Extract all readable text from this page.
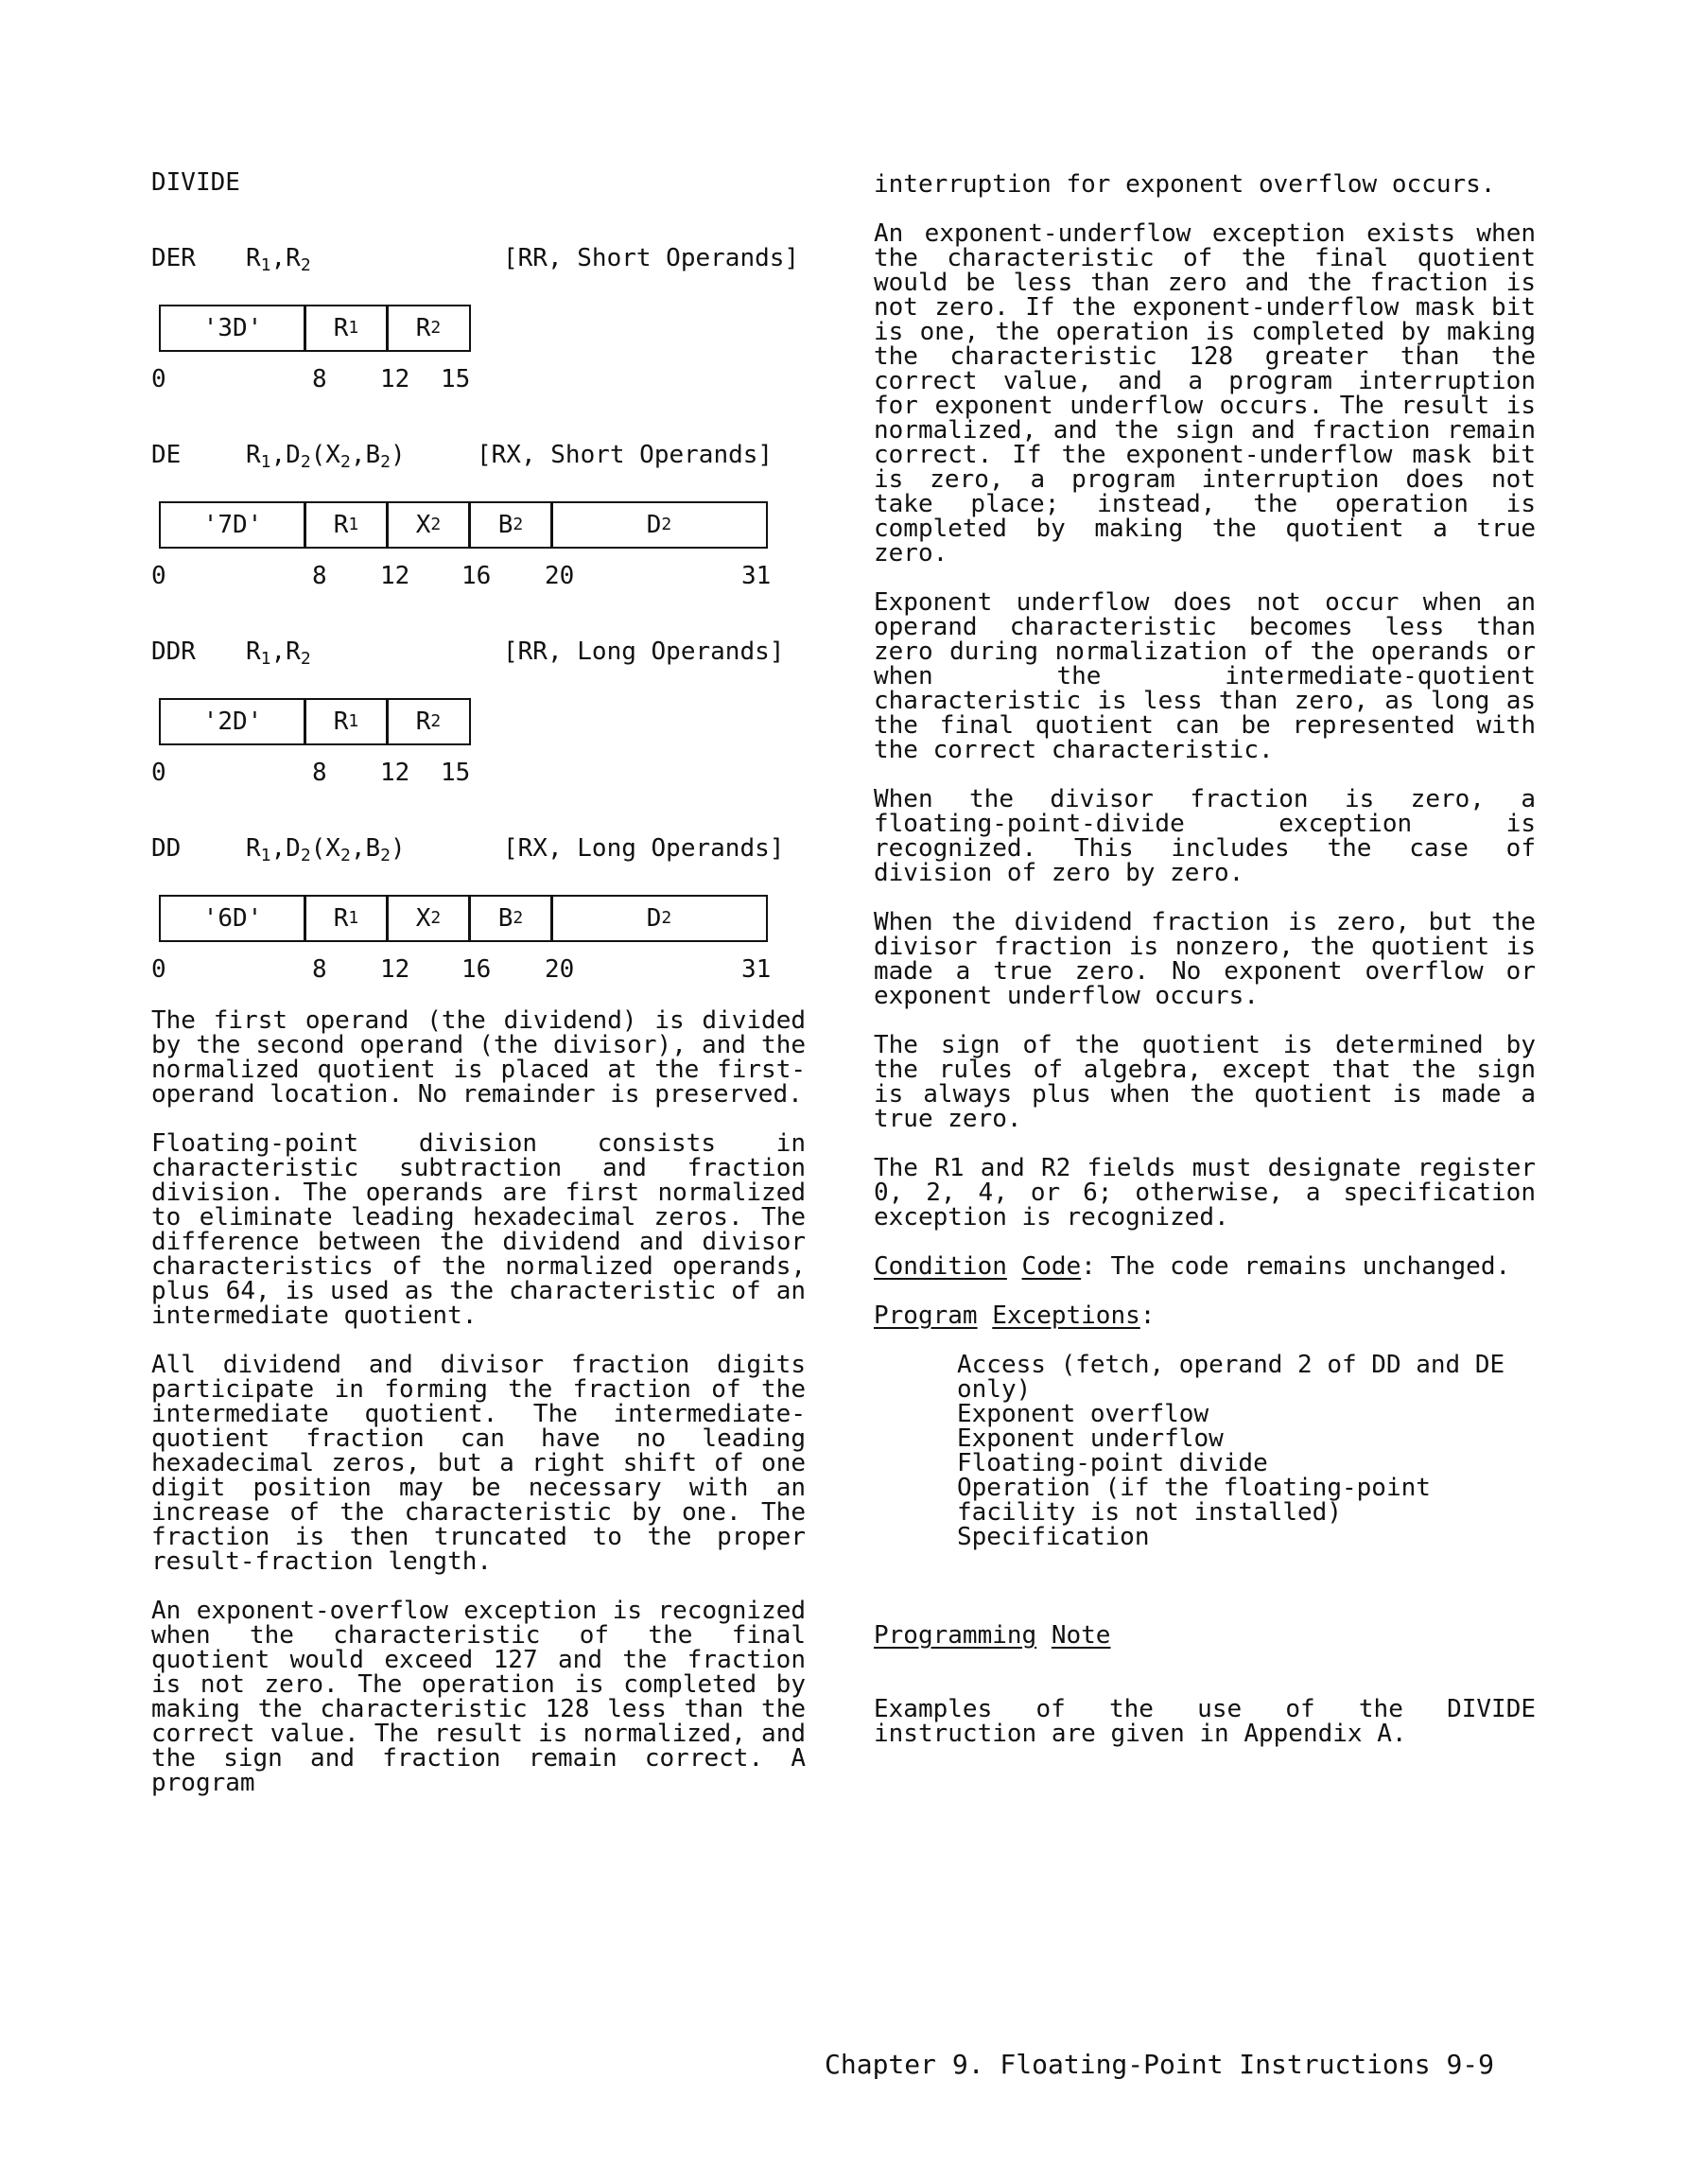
DIVIDE
DER $R_1,R_2$	[RR, Short Operands]
'3D'	R 1	R 2
0	8 12 15
DE	$R_1,D_2(X_2,B_2)$	[RX, Short Operands]
'7D'	R 1	X 2	B 2	D 2
0	8 12 16 20	31
DDR $R_1,R_2$	[RR, Long Operands]
'2D'	R 1	R 2
0	8 12 15
DD	$R_1,D_2(X_2,B_2)$	[RX, Long Operands]
'6D'	R 1	X 2	B 2	D 2
0	8 12 16 20	31

The first operand (the dividend) is divided by the second operand (the divisor), and the normalized quotient is placed at the first-operand location. No remainder is preserved.

Floating-point division consists in characteristic subtraction and fraction division. The operands are first normalized to eliminate leading hexadecimal zeros. The difference between the dividend and divisor characteristics of the normalized operands, plus 64, is used as the characteristic of an intermediate quotient.

All dividend and divisor fraction digits participate in forming the fraction of the intermediate quotient. The intermediate-quotient fraction can have no leading hexadecimal zeros, but a right shift of one digit position may be necessary with an increase of the characteristic by one. The fraction is then truncated to the proper result-fraction length.

An exponent-overflow exception is recognized when the characteristic of the final quotient would exceed 127 and the fraction is not zero. The operation is completed by making the characteristic 128 less than the correct value. The result is normalized, and the sign and fraction remain correct. A program

interruption for exponent overflow occurs.

An exponent-underflow exception exists when the characteristic of the final quotient would be less than zero and the fraction is not zero. If the exponent-underflow mask bit is one, the operation is completed by making the characteristic 128 greater than the correct value, and a program interruption for exponent underflow occurs. The result is normalized, and the sign and fraction remain correct. If the exponent-underflow mask bit is zero, a program interruption does not take place; instead, the operation is completed by making the quotient a true zero.

Exponent underflow does not occur when an operand characteristic becomes less than zero during normalization of the operands or when the intermediate-quotient characteristic is less than zero, as long as the final quotient can be represented with the correct characteristic.

When the divisor fraction is zero, a floating-point-divide exception is recognized. This includes the case of division of zero by zero.

When the dividend fraction is zero, but the divisor fraction is nonzero, the quotient is made a true zero. No exponent overflow or exponent underflow occurs.

The sign of the quotient is determined by the rules of algebra, except that the sign is always plus when the quotient is made a true zero.

The R1 and R2 fields must designate register 0, 2, 4, or 6; otherwise, a specification exception is recognized.

Condition Code: The code remains unchanged.

Program Exceptions:

Access (fetch, operand 2 of DD and DE only)
Exponent overflow
Exponent underflow
Floating-point divide
Operation (if the floating-point facility is not installed)
Specification

Programming Note

Examples of the use of the DIVIDE instruction are given in Appendix A.

Chapter 9. Floating-Point Instructions 9-9
